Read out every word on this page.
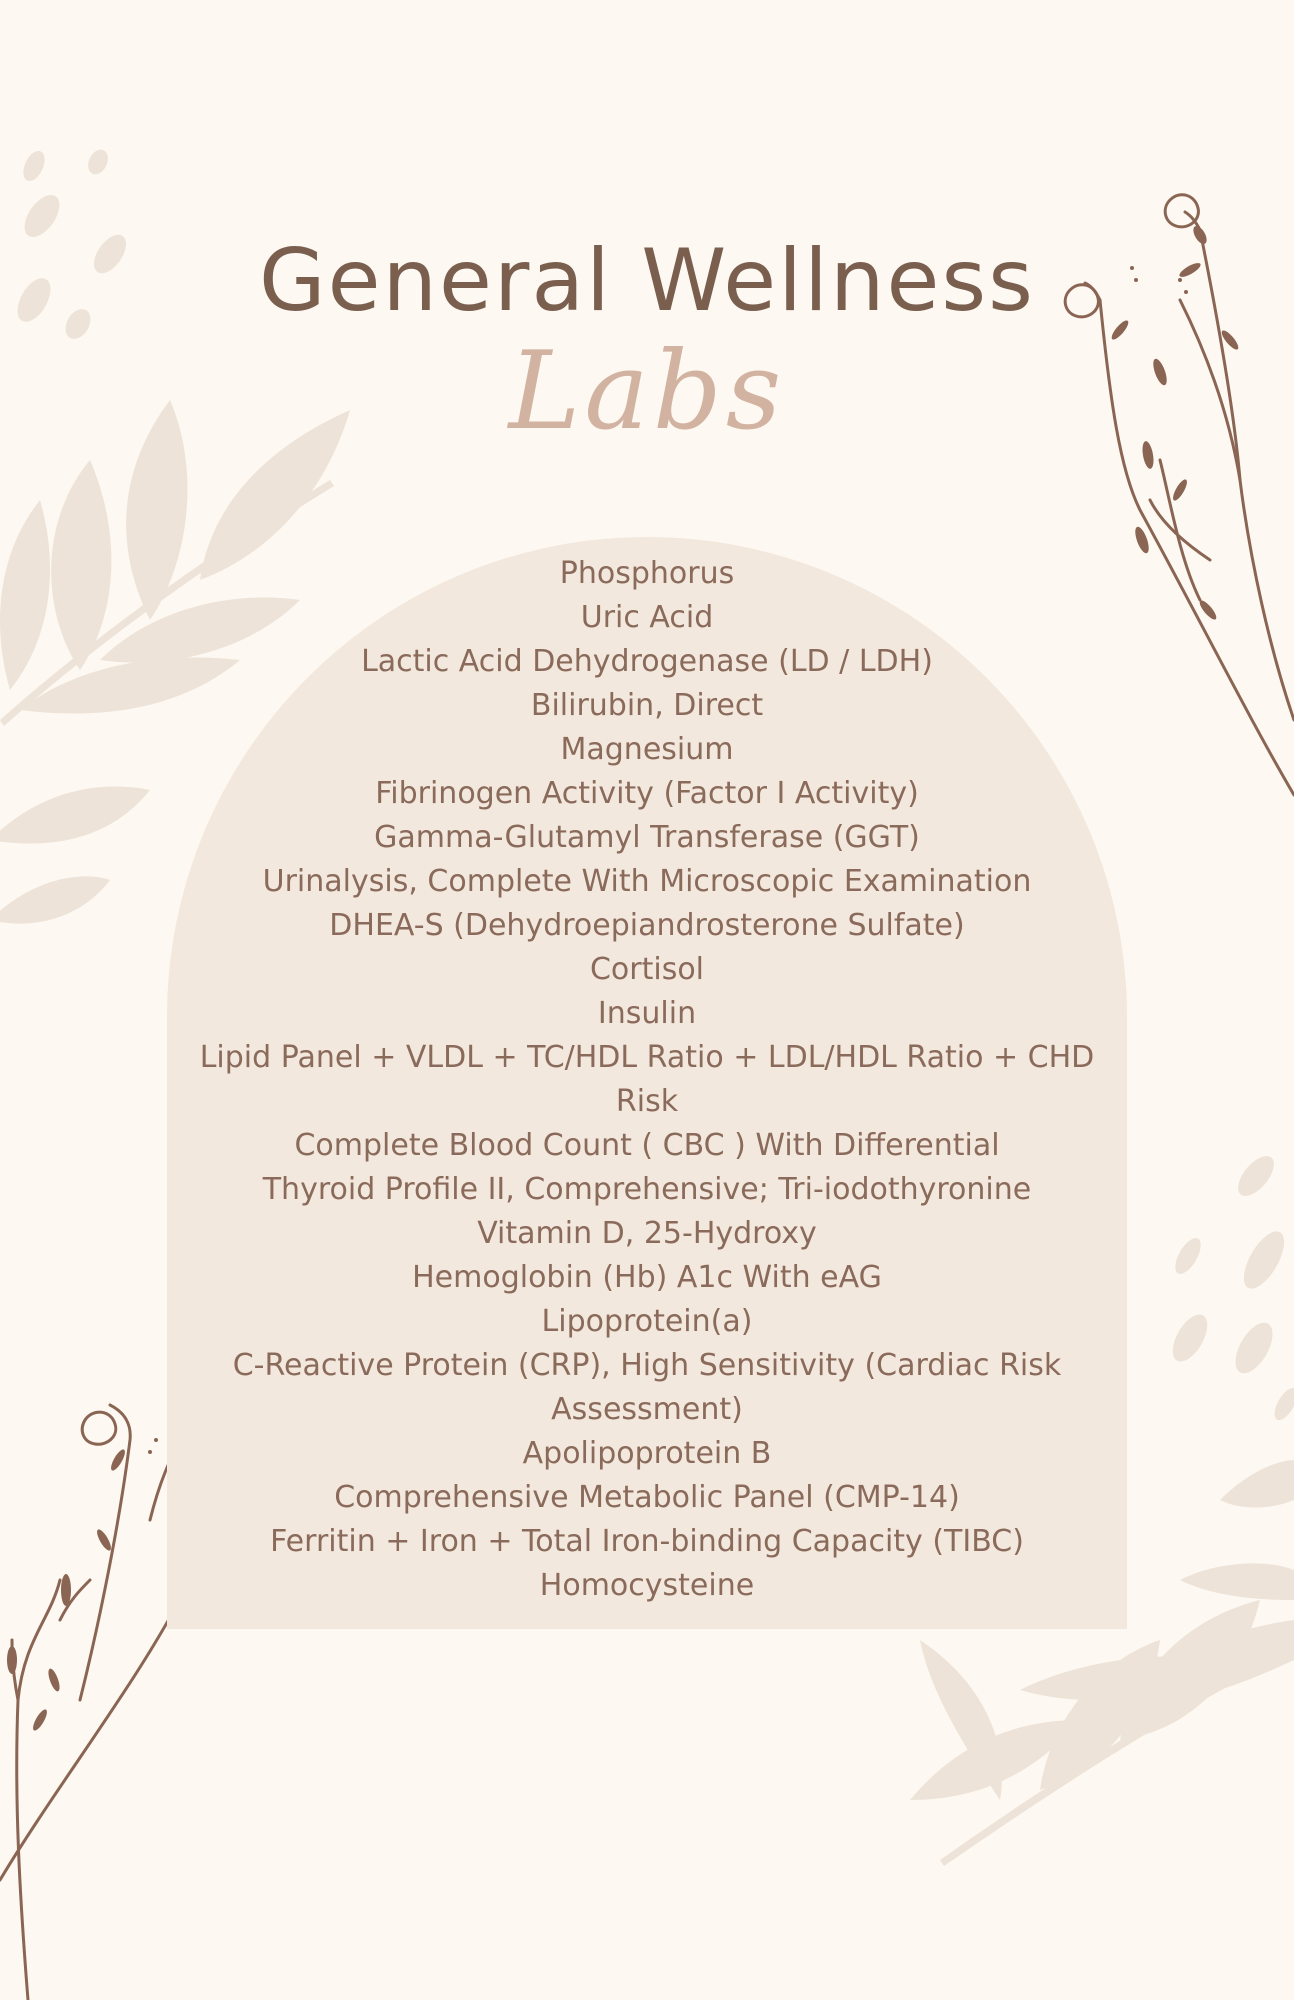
General Wellness
Labs
Phosphorus
Uric Acid
Lactic Acid Dehydrogenase (LD / LDH)
Bilirubin, Direct
Magnesium
Fibrinogen Activity (Factor I Activity)
Gamma-Glutamyl Transferase (GGT)
Urinalysis, Complete With Microscopic Examination
DHEA-S (Dehydroepiandrosterone Sulfate)
Cortisol
Insulin
Lipid Panel + VLDL + TC/HDL Ratio + LDL/HDL Ratio + CHD Risk
Complete Blood Count ( CBC ) With Differential
Thyroid Profile II, Comprehensive; Tri-iodothyronine
Vitamin D, 25-Hydroxy
Hemoglobin (Hb) A1c With eAG
Lipoprotein(a)
C-Reactive Protein (CRP), High Sensitivity (Cardiac Risk Assessment)
Apolipoprotein B
Comprehensive Metabolic Panel (CMP-14)
Ferritin + Iron + Total Iron-binding Capacity (TIBC)
Homocysteine
